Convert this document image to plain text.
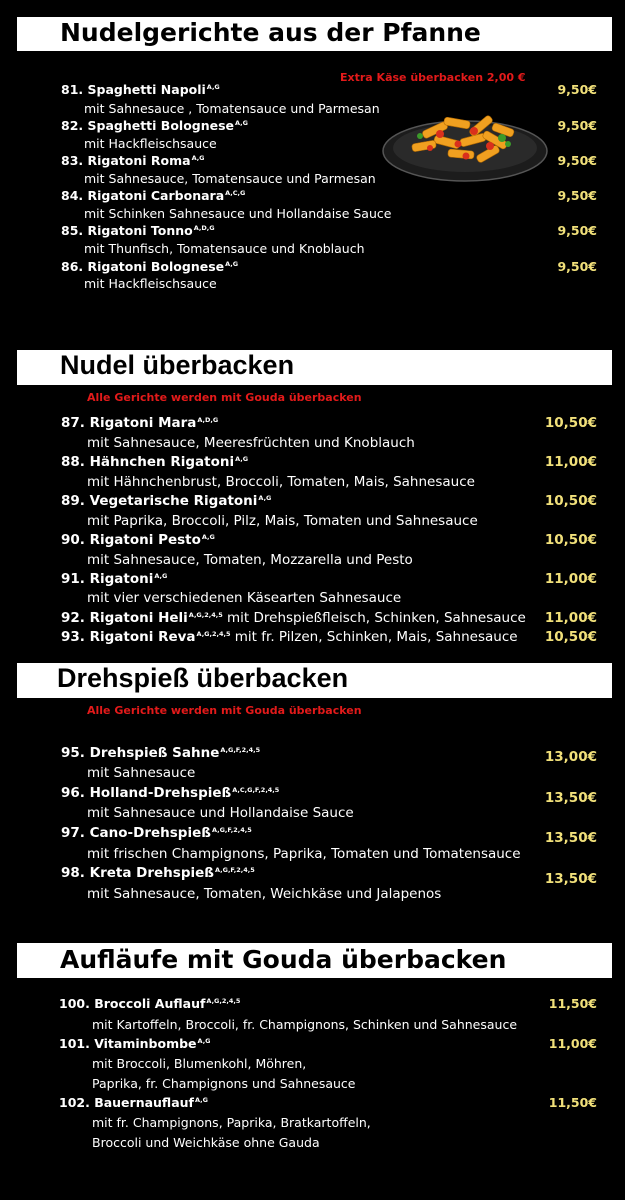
Nudelgerichte aus der Pfanne
Extra Käse überbacken 2,00 €
81. Spaghetti Napoli$^{A,G}$
mit Sahnesauce , Tomatensauce und Parmesan
9,50€
82. Spaghetti Bolognese$^{A,G}$
mit Hackfleischsauce
9,50€
83. Rigatoni Roma$^{A,G}$
mit Sahnesauce, Tomatensauce und Parmesan
9,50€
84. Rigatoni Carbonara$^{A,C,G}$
mit Schinken Sahnesauce und Hollandaise Sauce
9,50€
85. Rigatoni Tonno$^{A,D,G}$
mit Thunfisch, Tomatensauce und Knoblauch
9,50€
86. Rigatoni Bolognese$^{A,G}$
mit Hackfleischsauce
9,50€
Nudel überbacken
Alle Gerichte werden mit Gouda überbacken
87. Rigatoni Mara$^{A,D,G}$
mit Sahnesauce, Meeresfrüchten und Knoblauch
10,50€
88. Hähnchen Rigatoni$^{A,G}$
mit Hähnchenbrust, Broccoli, Tomaten, Mais, Sahnesauce
11,00€
89. Vegetarische Rigatoni$^{A,G}$
mit Paprika, Broccoli, Pilz, Mais, Tomaten und Sahnesauce
10,50€
90. Rigatoni Pesto$^{A,G}$
mit Sahnesauce, Tomaten, Mozzarella und Pesto
10,50€
91. Rigatoni$^{A,G}$
mit vier verschiedenen Käsearten Sahnesauce
11,00€
92. Rigatoni Heli$^{A,G,2,4,5}$ mit Drehspießfleisch, Schinken, Sahnesauce 11,00€
93. Rigatoni Reva$^{A,G,2,4,5}$ mit fr. Pilzen, Schinken, Mais, Sahnesauce 10,50€
Drehspieß überbacken
Alle Gerichte werden mit Gouda überbacken
95. Drehspieß Sahne$^{A,G,F,2,4,5}$
mit Sahnesauce
13,00€
96. Holland-Drehspieß$^{A,C,G,F,2,4,5}$
mit Sahnesauce und Hollandaise Sauce
13,50€
97. Cano-Drehspieß$^{A,G,F,2,4,5}$
mit frischen Champignons, Paprika, Tomaten und Tomatensauce
13,50€
98. Kreta Drehspieß$^{A,G,F,2,4,5}$
mit Sahnesauce, Tomaten, Weichkäse und Jalapenos
13,50€
Aufläufe mit Gouda überbacken
100. Broccoli Auflauf$^{A,G,2,4,5}$
mit Kartoffeln, Broccoli, fr. Champignons, Schinken und Sahnesauce
11,50€
101. Vitaminbombe$^{A,G}$
mit Broccoli, Blumenkohl, Möhren,
Paprika, fr. Champignons und Sahnesauce
11,00€
102. Bauernauflauf$^{A,G}$
mit fr. Champignons, Paprika, Bratkartoffeln,
Broccoli und Weichkäse ohne Gauda
11,50€
